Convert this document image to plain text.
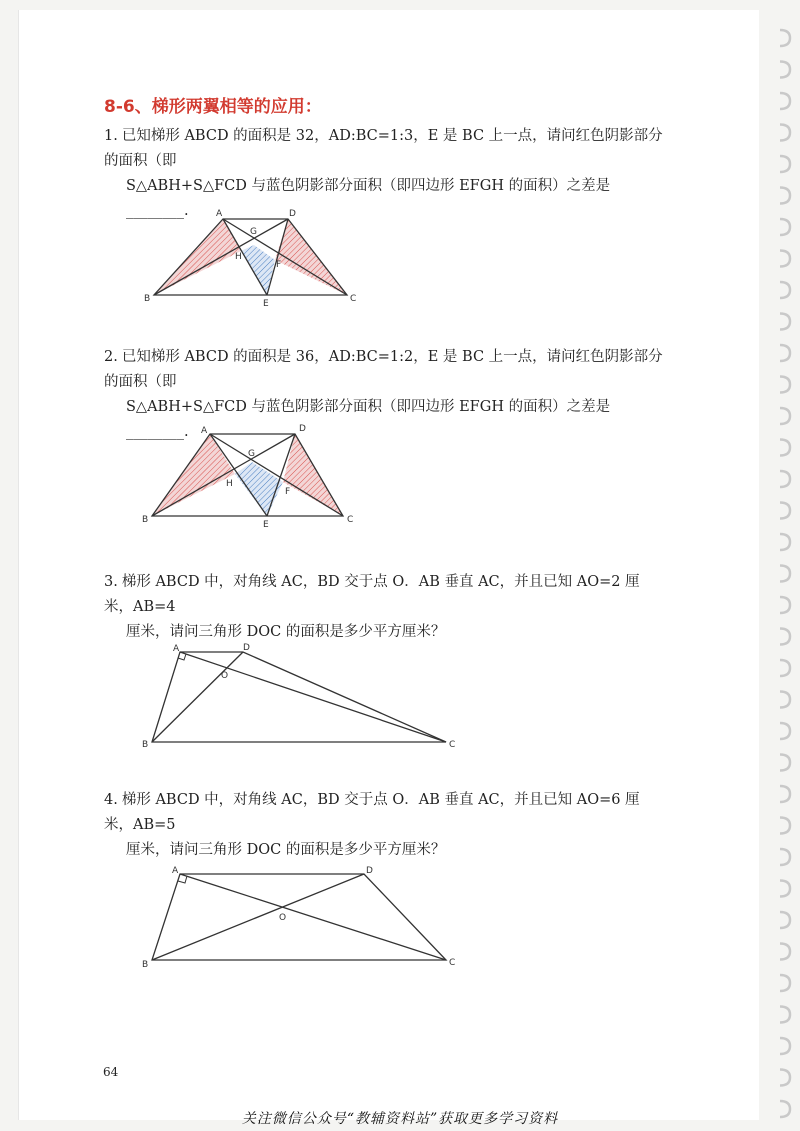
8-6、梯形两翼相等的应用：
1. 已知梯形 ABCD 的面积是 32，AD:BC=1:3，E 是 BC 上一点，请问红色阴影部分的面积（即
S△ABH+S△FCD 与蓝色阴影部分面积（即四边形 EFGH 的面积）之差是________.	A	D
B	C
E
G
H
F
2. 已知梯形 ABCD 的面积是 36，AD:BC=1:2，E 是 BC 上一点，请问红色阴影部分的面积（即
S△ABH+S△FCD 与蓝色阴影部分面积（即四边形 EFGH 的面积）之差是________.	A	D
B	C
E
G
H
F
3. 梯形 ABCD 中，对角线 AC，BD 交于点 O．AB 垂直 AC，并且已知 AO=2 厘米，AB=4
厘米，请问三角形 DOC 的面积是多少平方厘米？
A	D
B	C
O
4. 梯形 ABCD 中，对角线 AC，BD 交于点 O．AB 垂直 AC，并且已知 AO=6 厘米，AB=5
厘米，请问三角形 DOC 的面积是多少平方厘米？
A	D
B	C
O
64
关注微信公众号“教辅资料站”获取更多学习资料
